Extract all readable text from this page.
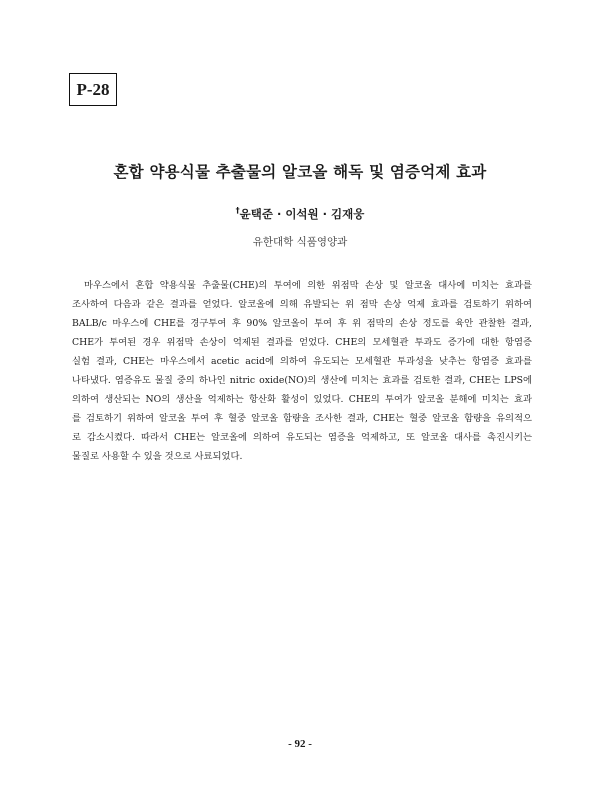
P-28
혼합 약용식물 추출물의 알코올 해독 및 염증억제 효과
†윤택준 · 이석원 · 김재웅
유한대학 식품영양과
마우스에서 혼합 약용식물 추출물(CHE)의 투여에 의한 위점막 손상 및 알코올 대사에 미치는 효과를
조사하여 다음과 같은 결과를 얻었다. 알코올에 의해 유발되는 위 점막 손상 억제 효과를 검토하기 위하여
BALB/c 마우스에 CHE를 경구투여 후 90% 알코올이 투여 후 위 점막의 손상 정도를 육안 관찰한 결과,
CHE가 투여된 경우 위점막 손상이 억제된 결과를 얻었다. CHE의 모세혈관 투과도 증가에 대한 항염증
실험 결과, CHE는 마우스에서 acetic acid에 의하여 유도되는 모세혈관 투과성을 낮추는 항염증 효과를
나타냈다. 염증유도 물질 중의 하나인 nitric oxide(NO)의 생산에 미치는 효과를 검토한 결과, CHE는 LPS에
의하여 생산되는 NO의 생산을 억제하는 항산화 활성이 있었다. CHE의 투여가 알코올 분해에 미치는 효과
를 검토하기 위하여 알코올 투여 후 혈중 알코올 함량을 조사한 결과, CHE는 혈중 알코올 함량을 유의적으
로 감소시켰다. 따라서 CHE는 알코올에 의하여 유도되는 염증을 억제하고, 또 알코올 대사를 촉진시키는
물질로 사용할 수 있을 것으로 사료되었다.
- 92 -
